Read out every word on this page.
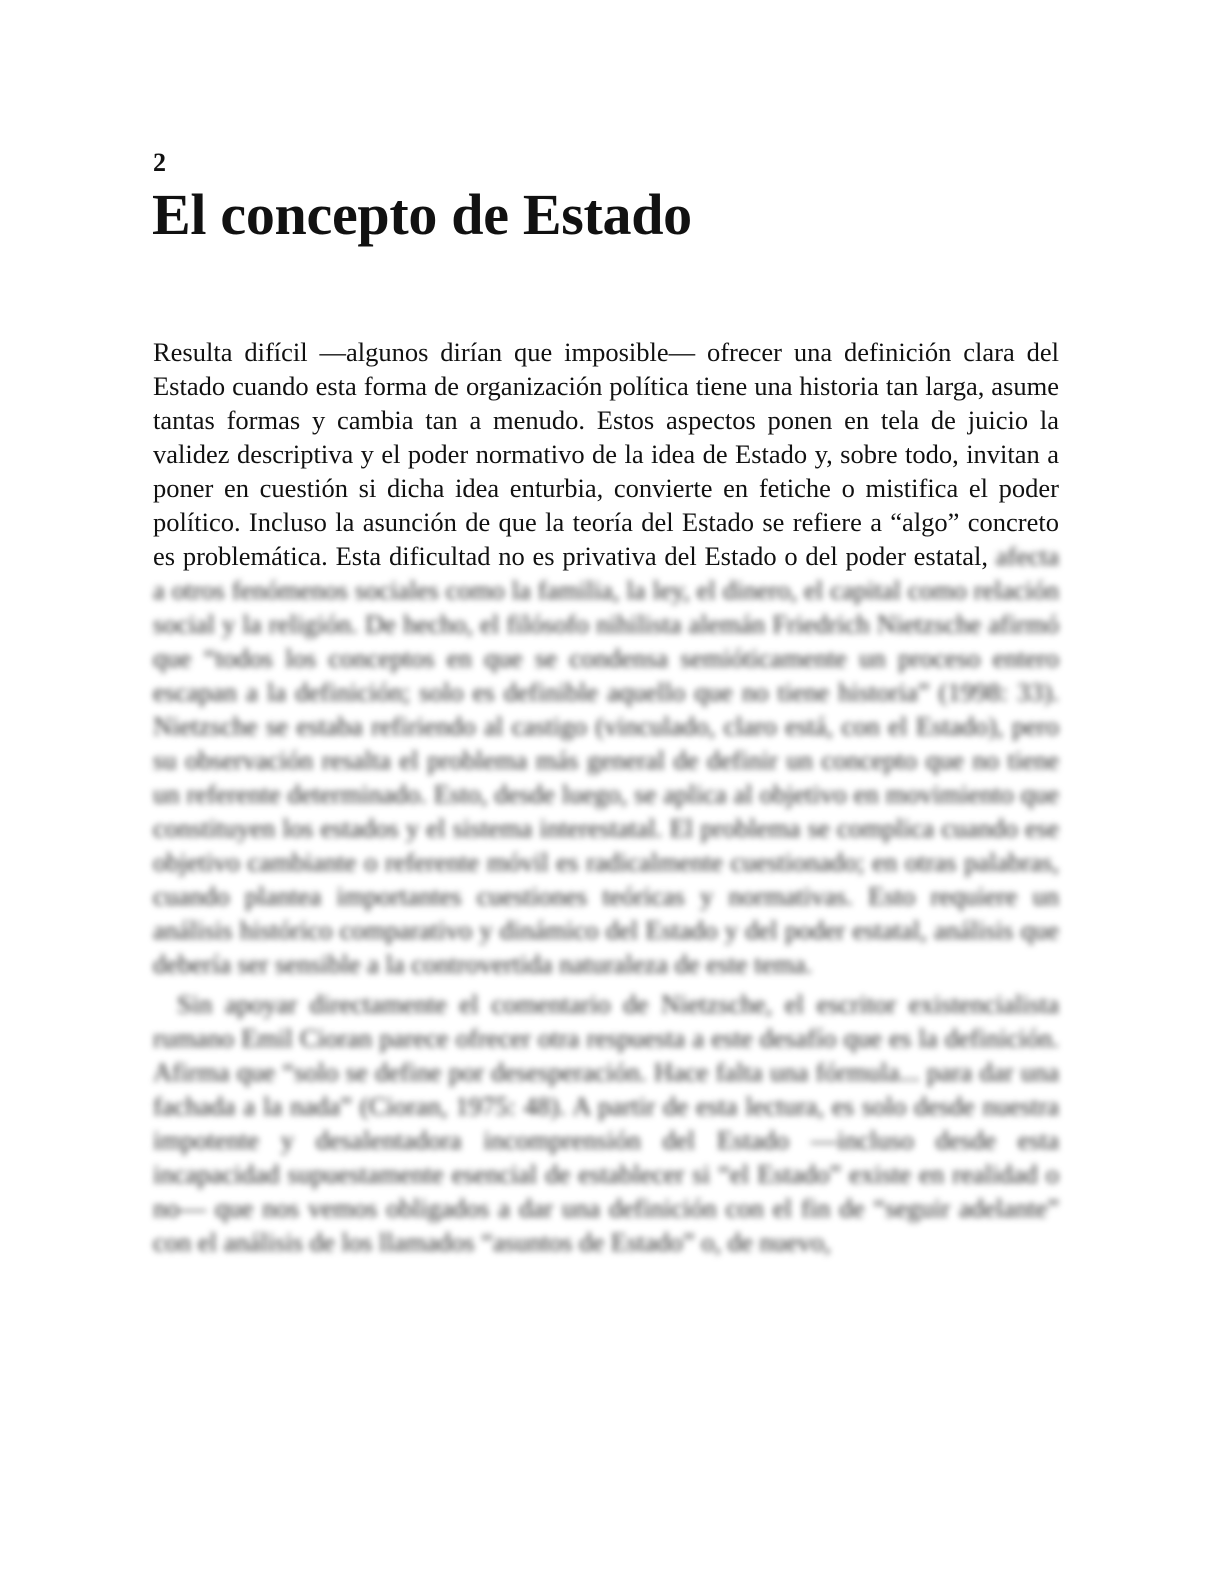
2
El concepto de Estado

Resulta difícil —algunos dirían que imposible— ofrecer una definición clara del Estado cuando esta forma de organización política tiene una historia tan larga, asume tantas formas y cambia tan a menudo. Estos aspectos ponen en tela de juicio la validez descriptiva y el poder normativo de la idea de Estado y, sobre todo, invitan a poner en cuestión si dicha idea enturbia, convierte en fetiche o mistifica el poder político. Incluso la asunción de que la teoría del Estado se refiere a “algo” concreto es problemática. Esta dificultad no es privativa del Estado o del poder estatal, afecta a otros fenómenos sociales como la familia, la ley, el dinero, el capital como relación social y la religión. De hecho, el filósofo nihilista alemán Friedrich Nietzsche afirmó que “todos los conceptos en que se condensa semióticamente un proceso entero escapan a la definición; solo es definible aquello que no tiene historia” (1998: 33). Nietzsche se estaba refiriendo al castigo (vinculado, claro está, con el Estado), pero su observación resalta el problema más general de definir un concepto que no tiene un referente determinado. Esto, desde luego, se aplica al objetivo en movimiento que constituyen los estados y el sistema interestatal. El problema se complica cuando ese objetivo cambiante o referente móvil es radicalmente cuestionado; en otras palabras, cuando plantea importantes cuestiones teóricas y normativas. Esto requiere un análisis histórico comparativo y dinámico del Estado y del poder estatal, análisis que debería ser sensible a la controvertida naturaleza de este tema.

Sin apoyar directamente el comentario de Nietzsche, el escritor existencialista rumano Emil Cioran parece ofrecer otra respuesta a este desafío que es la definición. Afirma que “solo se define por desesperación. Hace falta una fórmula... para dar una fachada a la nada” (Cioran, 1975: 48). A partir de esta lectura, es solo desde nuestra impotente y desalentadora incomprensión del Estado —incluso desde esta incapacidad supuestamente esencial de establecer si “el Estado” existe en realidad o no— que nos vemos obligados a dar una definición con el fin de “seguir adelante” con el análisis de los llamados “asuntos de Estado” o, de nuevo,
